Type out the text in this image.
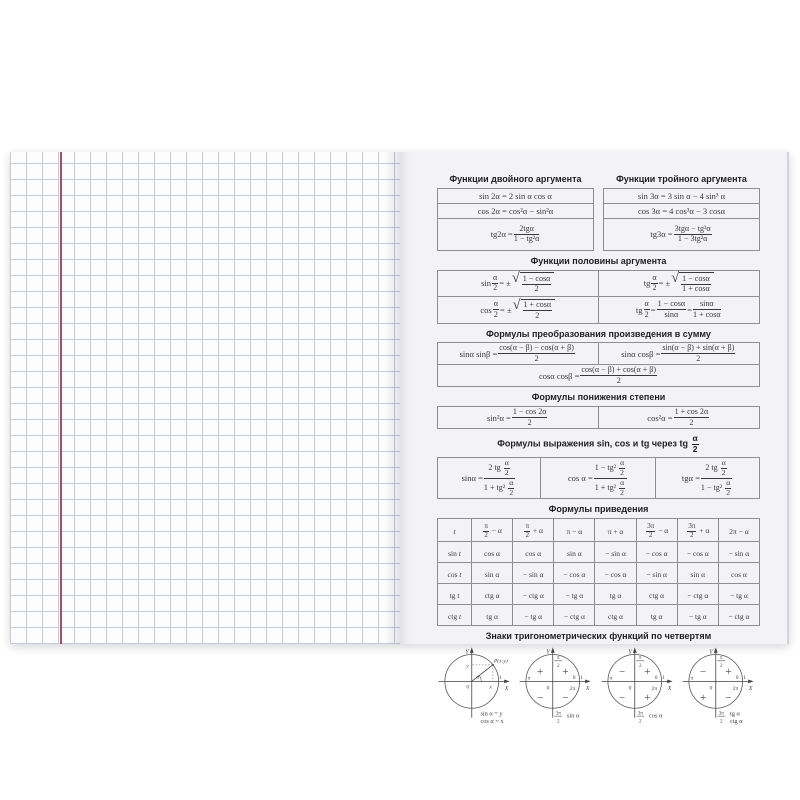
Функции двойного аргумента	Функции тройного аргумента
sin 2α = 2 sin α cos α
cos 2α = cos²α − sin²α
$tg2\alpha = \frac{\text{2tgα}}{\text{1 − tg²α}}$
sin 3α = 3 sin α − 4 sin³ α
cos 3α = 4 cos³α − 3 cosα
$tg3\alpha = \frac{\text{3tgα − tg³α}}{\text{1 − 3tg²α}}$
Функции половины аргумента
$\sin \frac{\alpha}{2}$ = ± √ $\frac{1 - \cos\alpha}{2}$	tg $\frac{\alpha}{2}$ = ± √ $\frac{1 - \cos\alpha}{1 + \cos\alpha}$
$\cos \frac{\alpha}{2}$ = ± √ $\frac{1 + \cos\alpha}{2}$	tg $\frac{\alpha}{2} = \frac{1 - \cos\alpha}{\sin\alpha} = \frac{\sin\alpha}{1 + \cos\alpha}$
Формулы преобразования произведения в сумму
sinα $\sin\beta = \frac{\cos(\alpha - \beta) - \cos(\alpha + \beta)}{2}$	sinα $\cos\beta = \frac{\sin(\alpha - \beta) + \sin(\alpha + \beta)}{2}$
cosα $\cos\beta = \frac{\cos(\alpha - \beta) + \cos(\alpha + \beta)}{2}$
Формулы понижения степени
$\sin^2\alpha = \frac{1 - \cos 2\alpha}{2}$	$\cos^2\alpha = \frac{1 + \cos 2\alpha}{2}$
Формулы выражения sin, cos и tg через tg $\frac{\alpha}{2}$
$\sin\alpha = \frac{2 tg \frac{\alpha}{2}}{1 + tg^2 \frac{\alpha}{2}}$	$\cos \alpha = \frac{1 - tg^2 \frac{\alpha}{2}}{1 + tg^2 \frac{\alpha}{2}}$	$tg\alpha = \frac{2 tg \frac{\alpha}{2}}{1 - tg^2 \frac{\alpha}{2}}$
Формулы приведения
t	$\frac{\pi}{2} - \alpha$	$\frac{\pi}{2} + \alpha$	π − α	π + α	$\frac{3\pi}{2} - \alpha$	$\frac{3\pi}{2} + \alpha$	2π − α
sin t	cos α	cos α	sin α	− sin α	− cos α	− cos α	− sin α
cos t	sin α	− sin α	− cos α	− cos α	− sin α	sin α	cos α
tg t	ctg α	− ctg α	− tg α	tg α	ctg α	− ctg α	− tg α
ctg t	tg α	− tg α	− ctg α	ctg α	tg α	− tg α	− ctg α
Знаки тригонометрических функций по четвертям
Y
X
y
x
P(x;y)
α
0
1
sin α = y
cos α = x
Y
X
+ +
− −
π
2
π
0
0 1
2π
3π
2
sin α
Y
X
− +
− +
π
2
π
0
0 1
2π
3π
2
cos α
Y
X
− +
+ −
π
2
π
0
0 1
2π
3π
2
tg α
ctg α
